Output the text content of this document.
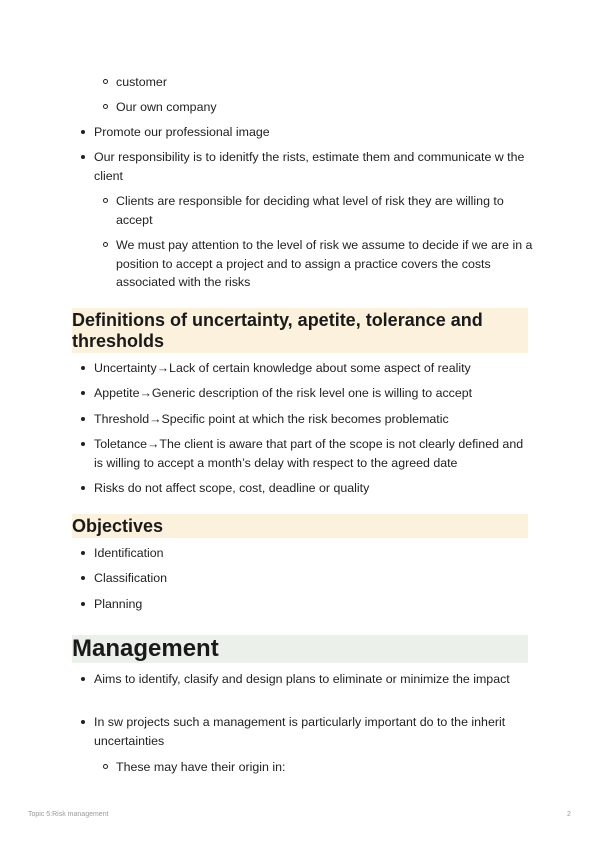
customer

Our own company

Promote our professional image

Our responsibility is to idenitfy the rists, estimate them and communicate w the client

Clients are responsible for deciding what level of risk they are willing to accept

We must pay attention to the level of risk we assume to decide if we are in a position to accept a project and to assign a practice covers the costs associated with the risks

Definitions of uncertainty, apetite, tolerance and thresholds

Uncertainty→Lack of certain knowledge about some aspect of reality

Appetite→Generic description of the risk level one is willing to accept

Threshold→Specific point at which the risk becomes problematic

Toletance→The client is aware that part of the scope is not clearly defined and is willing to accept a month’s delay with respect to the agreed date

Risks do not affect scope, cost, deadline or quality

Objectives

Identification

Classification

Planning

Management

Aims to identify, clasify and design plans to eliminate or minimize the impact

In sw projects such a management is particularly important do to the inherit uncertainties

These may have their origin in:

Topic 5:Risk management	2
